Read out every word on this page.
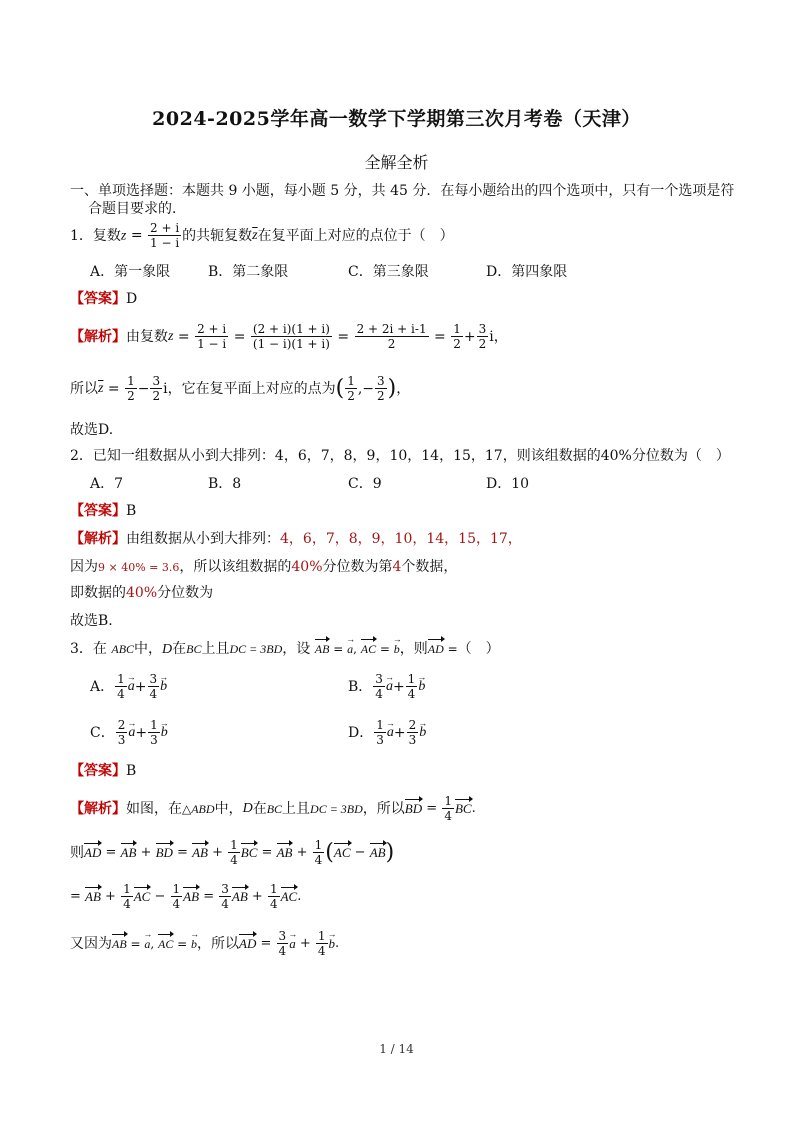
2024-2025学年高一数学下学期第三次月考卷（天津）
全解全析
一、单项选择题：本题共 9 小题，每小题 5 分，共 45 分．在每小题给出的四个选项中，只有一个选项是符
合题目要求的．
1．复数 $z = \frac{2 + i}{1 - i}$ 的共轭复数 $\overline{z}$ 在复平面上对应的点位于（　）
A．第一象限	B．第二象限	C．第三象限	D．第四象限
【答案】D
【解析】 由复数 $z = \frac{2 + i}{1 - i} = \frac{(2 + i)(1 + i)}{(1 - i)(1 + i)} = \frac{2 + 2i + i-1}{2} = \frac{1}{2} + \frac{3}{2}$ i，
所以 $\overline{z} = \frac{1}{2} - \frac{3}{2}$ i ，它在复平面上对应的点为 ( $\frac{1}{2}$ ,− $\frac{3}{2}$ ) ，
故选D.
2．已知一组数据从小到大排列：4，6，7，8，9，10，14，15，17，则该组数据的40%分位数为（　）
A．7	B．8	C．9	D．10
【答案】B
【解析】由组数据从小到大排列：4，6，7，8，9，10，14，15，17，
因为9 × 40% = 3.6，所以该组数据的40%分位数为第4个数据，
即数据的40%分位数为
故选B.
3．在 ABC中，D在BC上且DC = 3BD，设 AB = a →, AC = b →，则AD =（　）
A． $\frac{1}{4}$ a → + $\frac{3}{4}$ b →	B． $\frac{3}{4}$ a → + $\frac{1}{4}$ b →
C． $\frac{2}{3}$ a → + $\frac{1}{3}$ b →	D． $\frac{1}{3}$ a → + $\frac{2}{3}$ b →
【答案】B
【解析】 如图，在 △ABD 中， D 在 BC 上且 DC = 3BD ，所以 BD = $\frac{1}{4}$ BC .
则 AD = AB + BD = AB + $\frac{1}{4}$ BC = AB + $\frac{1}{4}$ ( AC − AB )
= AB + $\frac{1}{4}$ AC − $\frac{1}{4}$ AB = $\frac{3}{4}$ AB + $\frac{1}{4}$ AC .
又因为 AB = a →, AC = b → ，所以 AD = $\frac{3}{4}$ a → + $\frac{1}{4}$ b → .
1 / 14
